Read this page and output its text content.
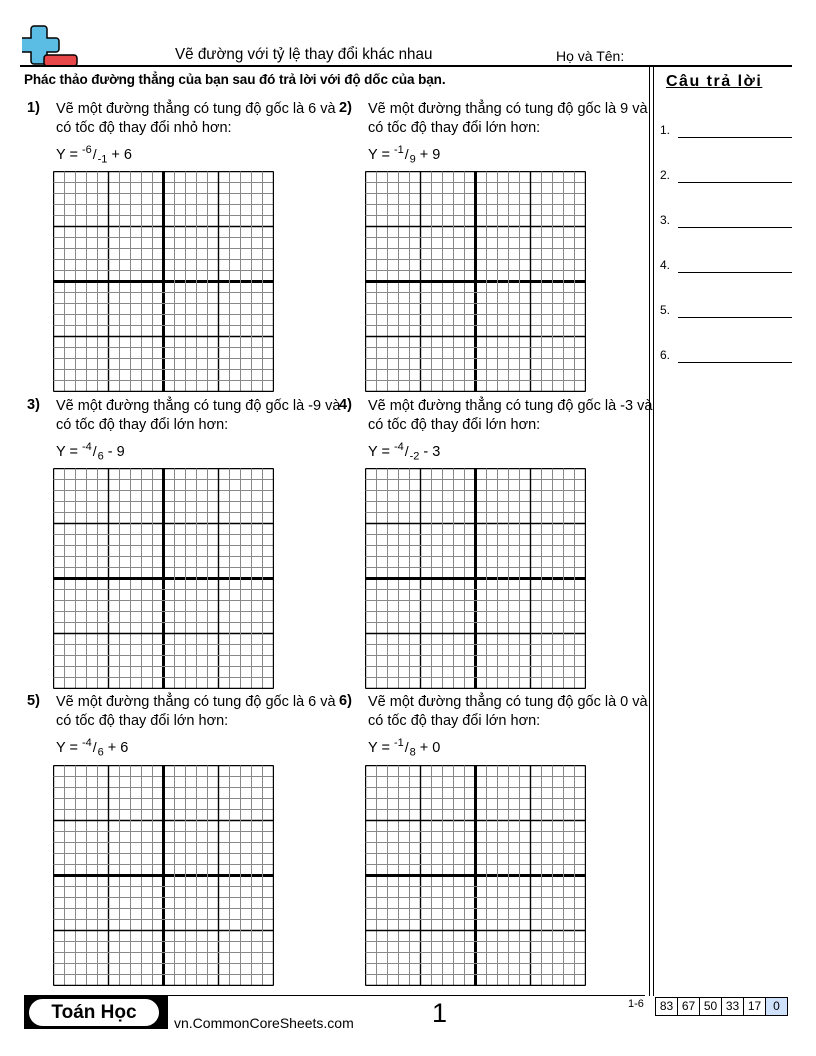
Vẽ đường với tỷ lệ thay đổi khác nhau	Họ và Tên:
Phác thảo đường thẳng của bạn sau đó trả lời với độ dốc của bạn.	Câu trả lời
1.
2.
3.
4.
5.
6.
1) Vẽ một đường thẳng có tung độ gốc là 6 và có tốc độ thay đổi nhỏ hơn:
$Y = ^{-6}/_{-1} + 6$
2) Vẽ một đường thẳng có tung độ gốc là 9 và có tốc độ thay đổi lớn hơn:
$Y = ^{-1}/_9 + 9$
3) Vẽ một đường thẳng có tung độ gốc là -9 và có tốc độ thay đổi lớn hơn:
$Y = ^{-4}/_6 - 9$
4) Vẽ một đường thẳng có tung độ gốc là -3 và có tốc độ thay đổi lớn hơn:
$Y = ^{-4}/_{-2} - 3$
5) Vẽ một đường thẳng có tung độ gốc là 6 và có tốc độ thay đổi lớn hơn:
$Y = ^{-4}/_6 + 6$
6) Vẽ một đường thẳng có tung độ gốc là 0 và có tốc độ thay đổi lớn hơn:
$Y = ^{-1}/_8 + 0$
Toán Học	vn.CommonCoreSheets.com	1	1-6	83 67 50 33 17 0
